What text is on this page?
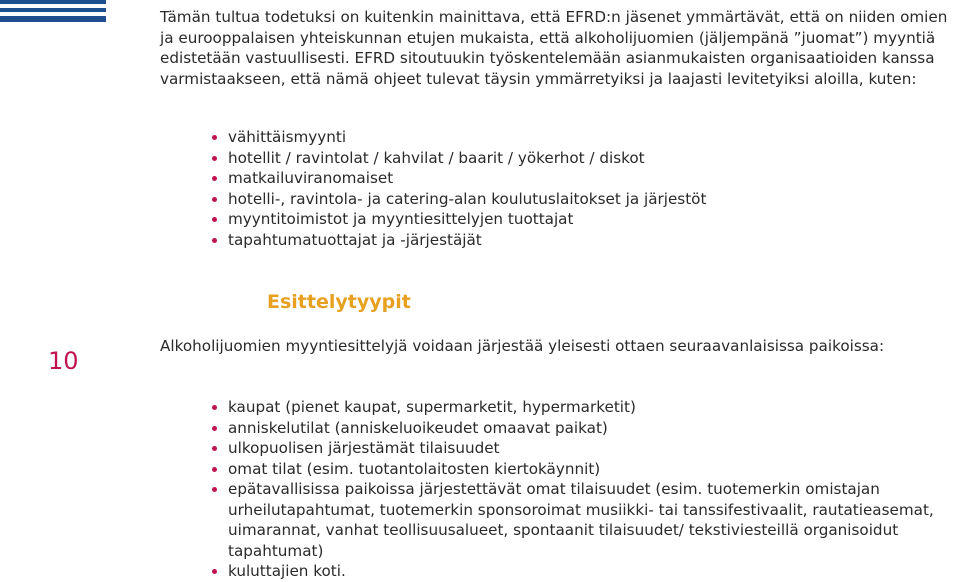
Tämän tultua todetuksi on kuitenkin mainittava, että EFRD:n jäsenet ymmärtävät, että on niiden omien ja eurooppalaisen yhteiskunnan etujen mukaista, että alkoholijuomien (jäljempänä ”juomat”) myyntiä edistetään vastuullisesti. EFRD sitoutuukin työskentelemään asianmukaisten organisaatioiden kanssa varmistaakseen, että nämä ohjeet tulevat täysin ymmärretyiksi ja laajasti levitetyiksi aloilla, kuten:

vähittäismyynti
hotellit / ravintolat / kahvilat / baarit / yökerhot / diskot
matkailuviranomaiset
hotelli-, ravintola- ja catering-alan koulutuslaitokset ja järjestöt
myyntitoimistot ja myyntiesittelyjen tuottajat
tapahtumatuottajat ja -järjestäjät
Esittelytyypit
10

Alkoholijuomien myyntiesittelyjä voidaan järjestää yleisesti ottaen seuraavanlaisissa paikoissa:

kaupat (pienet kaupat, supermarketit, hypermarketit)
anniskelutilat (anniskeluoikeudet omaavat paikat)
ulkopuolisen järjestämät tilaisuudet
omat tilat (esim. tuotantolaitosten kiertokäynnit)
epätavallisissa paikoissa järjestettävät omat tilaisuudet (esim. tuotemerkin omistajan urheilutapahtumat, tuotemerkin sponsoroimat musiikki- tai tanssifestivaalit, rautatieasemat, uimarannat, vanhat teollisuusalueet, spontaanit tilaisuudet/ tekstiviesteillä organisoidut tapahtumat)
kuluttajien koti.
